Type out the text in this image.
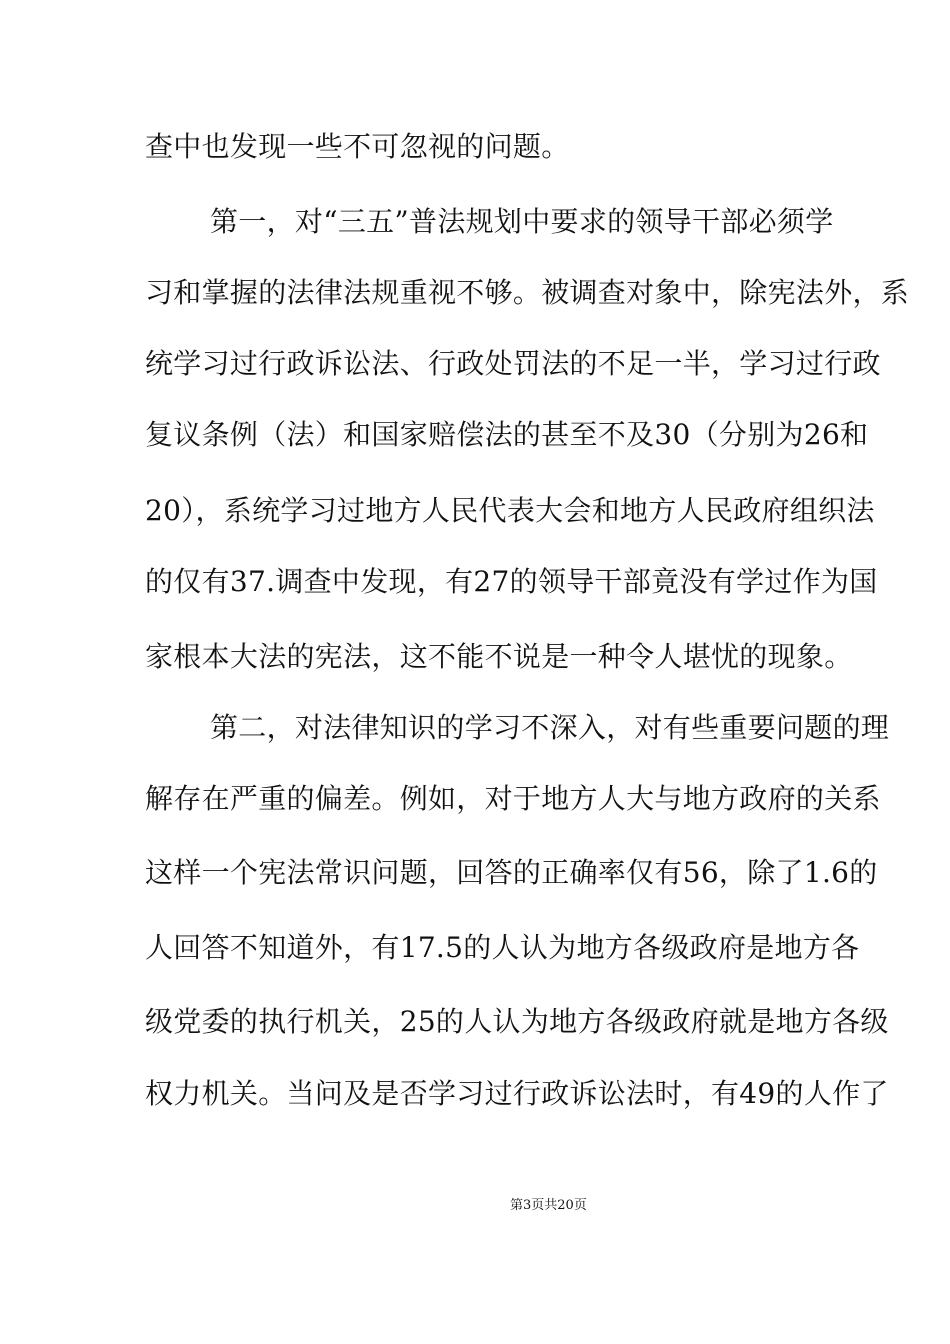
查中也发现一些不可忽视的问题。
第一，对“三五”普法规划中要求的领导干部必须学
习和掌握的法律法规重视不够。被调查对象中，除宪法外，系
统学习过行政诉讼法、行政处罚法的不足一半，学习过行政
复议条例（法）和国家赔偿法的甚至不及30（分别为26和
20），系统学习过地方人民代表大会和地方人民政府组织法
的仅有37.调查中发现，有27的领导干部竟没有学过作为国
家根本大法的宪法，这不能不说是一种令人堪忧的现象。
第二，对法律知识的学习不深入，对有些重要问题的理
解存在严重的偏差。例如，对于地方人大与地方政府的关系
这样一个宪法常识问题，回答的正确率仅有56，除了1.6的
人回答不知道外，有17.5的人认为地方各级政府是地方各
级党委的执行机关，25的人认为地方各级政府就是地方各级
权力机关。当问及是否学习过行政诉讼法时，有49的人作了
第3页共20页
